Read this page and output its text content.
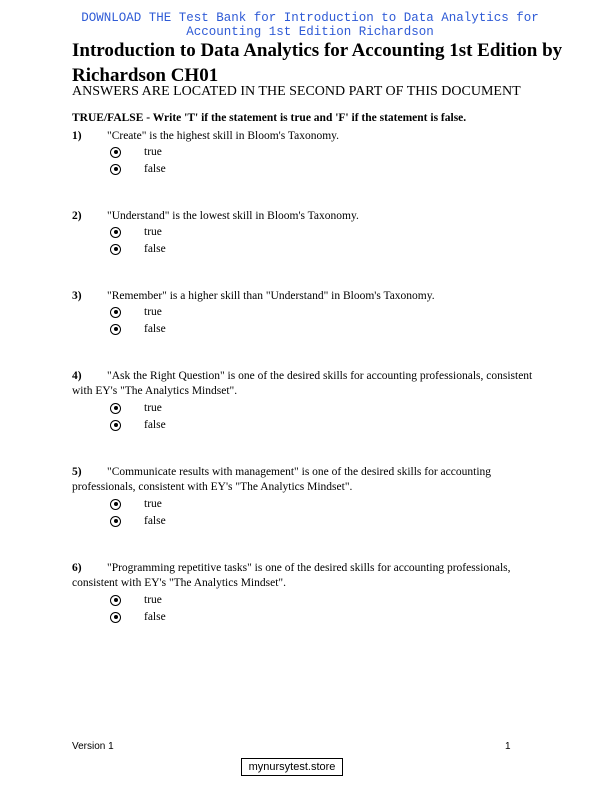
DOWNLOAD THE Test Bank for Introduction to Data Analytics for
Accounting 1st Edition Richardson
Introduction to Data Analytics for Accounting 1st Edition by Richardson CH01
ANSWERS ARE LOCATED IN THE SECOND PART OF THIS DOCUMENT
TRUE/FALSE - Write 'T' if the statement is true and 'F' if the statement is false.
1)	"Create" is the highest skill in Bloom's Taxonomy.
true
false
2)	"Understand" is the lowest skill in Bloom's Taxonomy.
true
false
3)	"Remember" is a higher skill than "Understand" in Bloom's Taxonomy.
true
false
4) "Ask the Right Question" is one of the desired skills for accounting professionals, consistent with EY's "The Analytics Mindset".
true
false
5) "Communicate results with management" is one of the desired skills for accounting professionals, consistent with EY's "The Analytics Mindset".
true
false
6) "Programming repetitive tasks" is one of the desired skills for accounting professionals, consistent with EY's "The Analytics Mindset".
true
false
Version 1	1
mynursytest.store
